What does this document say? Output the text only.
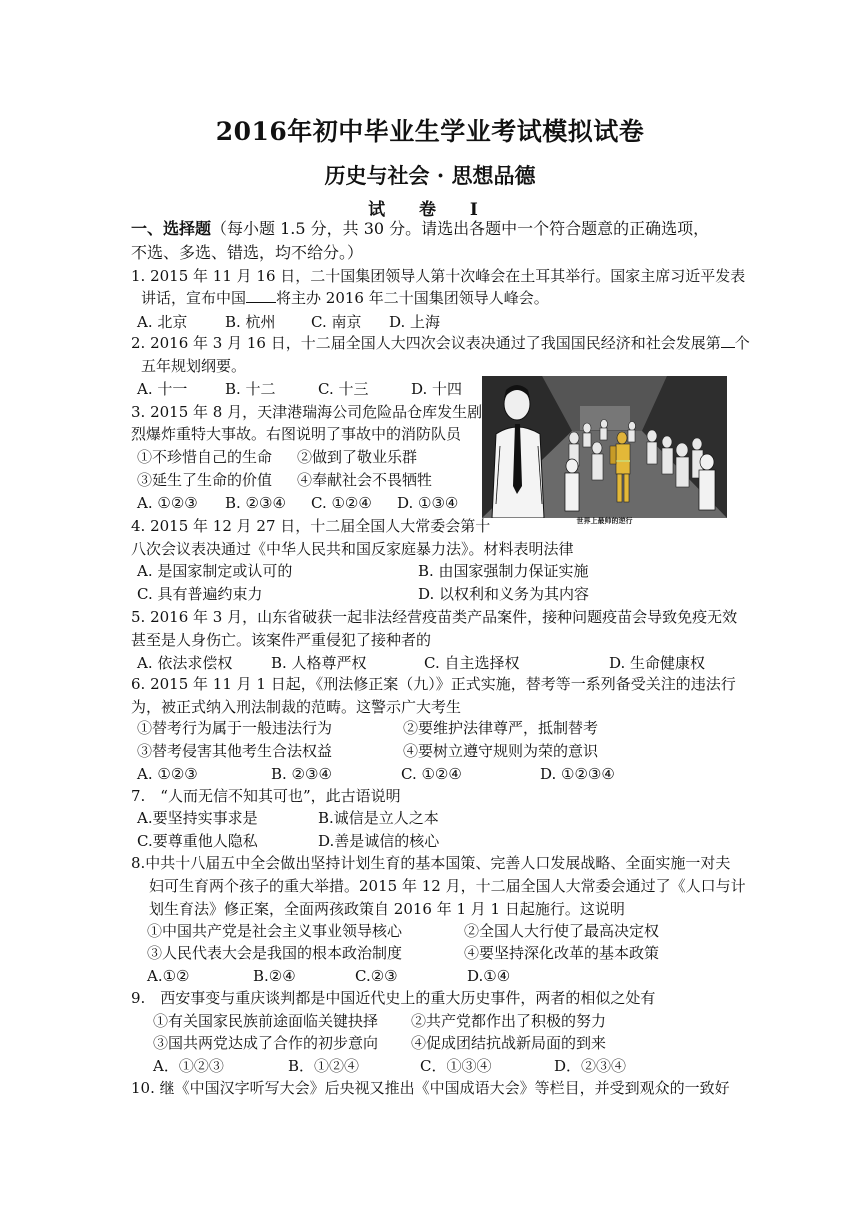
2016年初中毕业生学业考试模拟试卷
历史与社会 · 思想品德
试 卷 Ⅰ
一、选择题（每小题 1.5 分，共 30 分。请选出各题中一个符合题意的正确选项，
不选、多选、错选，均不给分。）
1. 2015 年 11 月 16 日，二十国集团领导人第十次峰会在土耳其举行。国家主席习近平发表
讲话，宣布中国 将主办 2016 年二十国集团领导人峰会。
A. 北京	B. 杭州 C. 南京 D. 上海
2. 2016 年 3 月 16 日，十二届全国人大四次会议表决通过了我国国民经济和社会发展第 个
五年规划纲要。
A. 十一	B. 十二	C. 十三	D. 十四
世界上最帅的逆行
3. 2015 年 8 月，天津港瑞海公司危险品仓库发生剧
烈爆炸重特大事故。右图说明了事故中的消防队员
①不珍惜自己的生命 ②做到了敬业乐群
③延生了生命的价值 ④奉献社会不畏牺牲
A. ①②③ B. ②③④ C. ①②④ D. ①③④
4. 2015 年 12 月 27 日，十二届全国人大常委会第十
八次会议表决通过《中华人民共和国反家庭暴力法》。材料表明法律
A. 是国家制定或认可的	B. 由国家强制力保证实施
C. 具有普遍约束力	D. 以权利和义务为其内容
5. 2016 年 3 月，山东省破获一起非法经营疫苗类产品案件，接种问题疫苗会导致免疫无效
甚至是人身伤亡。该案件严重侵犯了接种者的
A. 依法求偿权	B. 人格尊严权	C. 自主选择权	D. 生命健康权
6. 2015 年 11 月 1 日起，《刑法修正案（九）》正式实施，替考等一系列备受关注的违法行
为，被正式纳入刑法制裁的范畴。这警示广大考生
①替考行为属于一般违法行为	②要维护法律尊严，抵制替考
③替考侵害其他考生合法权益	④要树立遵守规则为荣的意识
A. ①②③	B. ②③④	C. ①②④	D. ①②③④
7.　“人而无信不知其可也”，此古语说明
A.要坚持实事求是	B.诚信是立人之本
C.要尊重他人隐私	D.善是诚信的核心
8.中共十八届五中全会做出坚持计划生育的基本国策、完善人口发展战略、全面实施一对夫
妇可生育两个孩子的重大举措。2015 年 12 月，十二届全国人大常委会通过了《人口与计
划生育法》修正案，全面两孩政策自 2016 年 1 月 1 日起施行。这说明
①中国共产党是社会主义事业领导核心	②全国人大行使了最高决定权
③人民代表大会是我国的根本政治制度	④要坚持深化改革的基本政策
A.①②	B.②④	C.②③	D.①④
9.　西安事变与重庆谈判都是中国近代史上的重大历史事件，两者的相似之处有
①有关国家民族前途面临关键抉择 ②共产党都作出了积极的努力
③国共两党达成了合作的初步意向 ④促成团结抗战新局面的到来
A．①②③	B．①②④	C．①③④	D．②③④
10. 继《中国汉字听写大会》后央视又推出《中国成语大会》等栏目，并受到观众的一致好
